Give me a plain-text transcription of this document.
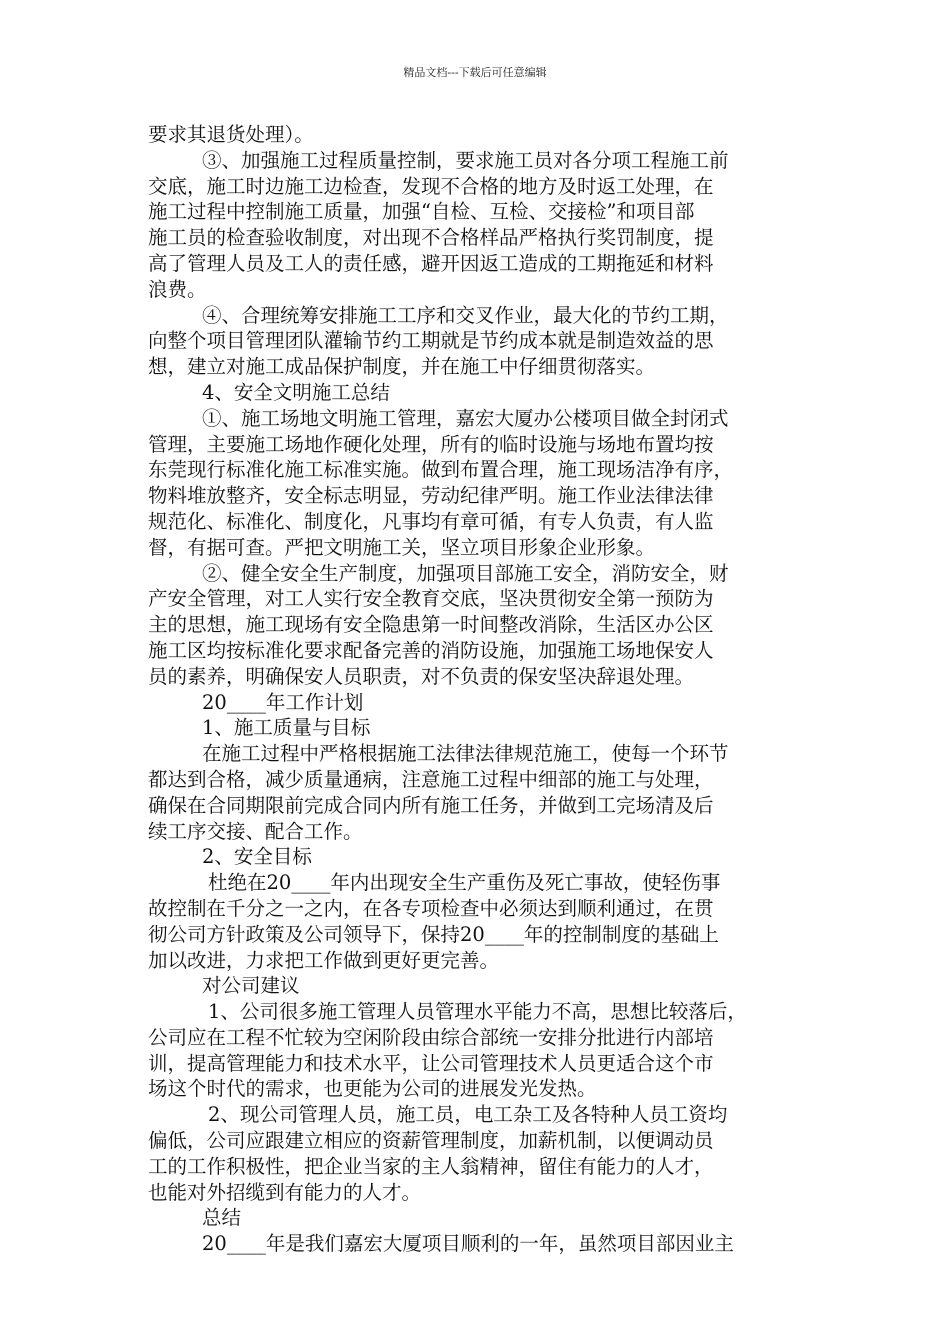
精品文档---下载后可任意编辑
要求其退货处理）。
③、加强施工过程质量控制，要求施工员对各分项工程施工前
交底，施工时边施工边检查，发现不合格的地方及时返工处理，在
施工过程中控制施工质量，加强“自检、互检、交接检”和项目部
施工员的检查验收制度，对出现不合格样品严格执行奖罚制度，提
高了管理人员及工人的责任感，避开因返工造成的工期拖延和材料
浪费。
④、合理统筹安排施工工序和交叉作业，最大化的节约工期，
向整个项目管理团队灌输节约工期就是节约成本就是制造效益的思
想，建立对施工成品保护制度，并在施工中仔细贯彻落实。
4、安全文明施工总结
①、施工场地文明施工管理，嘉宏大厦办公楼项目做全封闭式
管理，主要施工场地作硬化处理，所有的临时设施与场地布置均按
东莞现行标准化施工标准实施。做到布置合理，施工现场洁净有序，
物料堆放整齐，安全标志明显，劳动纪律严明。施工作业法律法律
规范化、标准化、制度化，凡事均有章可循，有专人负责，有人监
督，有据可查。严把文明施工关，坚立项目形象企业形象。
②、健全安全生产制度，加强项目部施工安全，消防安全，财
产安全管理，对工人实行安全教育交底，坚决贯彻安全第一预防为
主的思想，施工现场有安全隐患第一时间整改消除，生活区办公区
施工区均按标准化要求配备完善的消防设施，加强施工场地保安人
员的素养，明确保安人员职责，对不负责的保安坚决辞退处理。
20____年工作计划
1、施工质量与目标
在施工过程中严格根据施工法律法律规范施工，使每一个环节
都达到合格，减少质量通病，注意施工过程中细部的施工与处理，
确保在合同期限前完成合同内所有施工任务，并做到工完场清及后
续工序交接、配合工作。
2、安全目标
杜绝在20____年内出现安全生产重伤及死亡事故，使轻伤事
故控制在千分之一之内，在各专项检查中必须达到顺利通过，在贯
彻公司方针政策及公司领导下，保持20____年的控制制度的基础上
加以改进，力求把工作做到更好更完善。
对公司建议
1、公司很多施工管理人员管理水平能力不高，思想比较落后，
公司应在工程不忙较为空闲阶段由综合部统一安排分批进行内部培
训，提高管理能力和技术水平，让公司管理技术人员更适合这个市
场这个时代的需求，也更能为公司的进展发光发热。
2、现公司管理人员，施工员，电工杂工及各特种人员工资均
偏低，公司应跟建立相应的资薪管理制度，加薪机制，以便调动员
工的工作积极性，把企业当家的主人翁精神，留住有能力的人才，
也能对外招缆到有能力的人才。
总结
20____年是我们嘉宏大厦项目顺利的一年，虽然项目部因业主
